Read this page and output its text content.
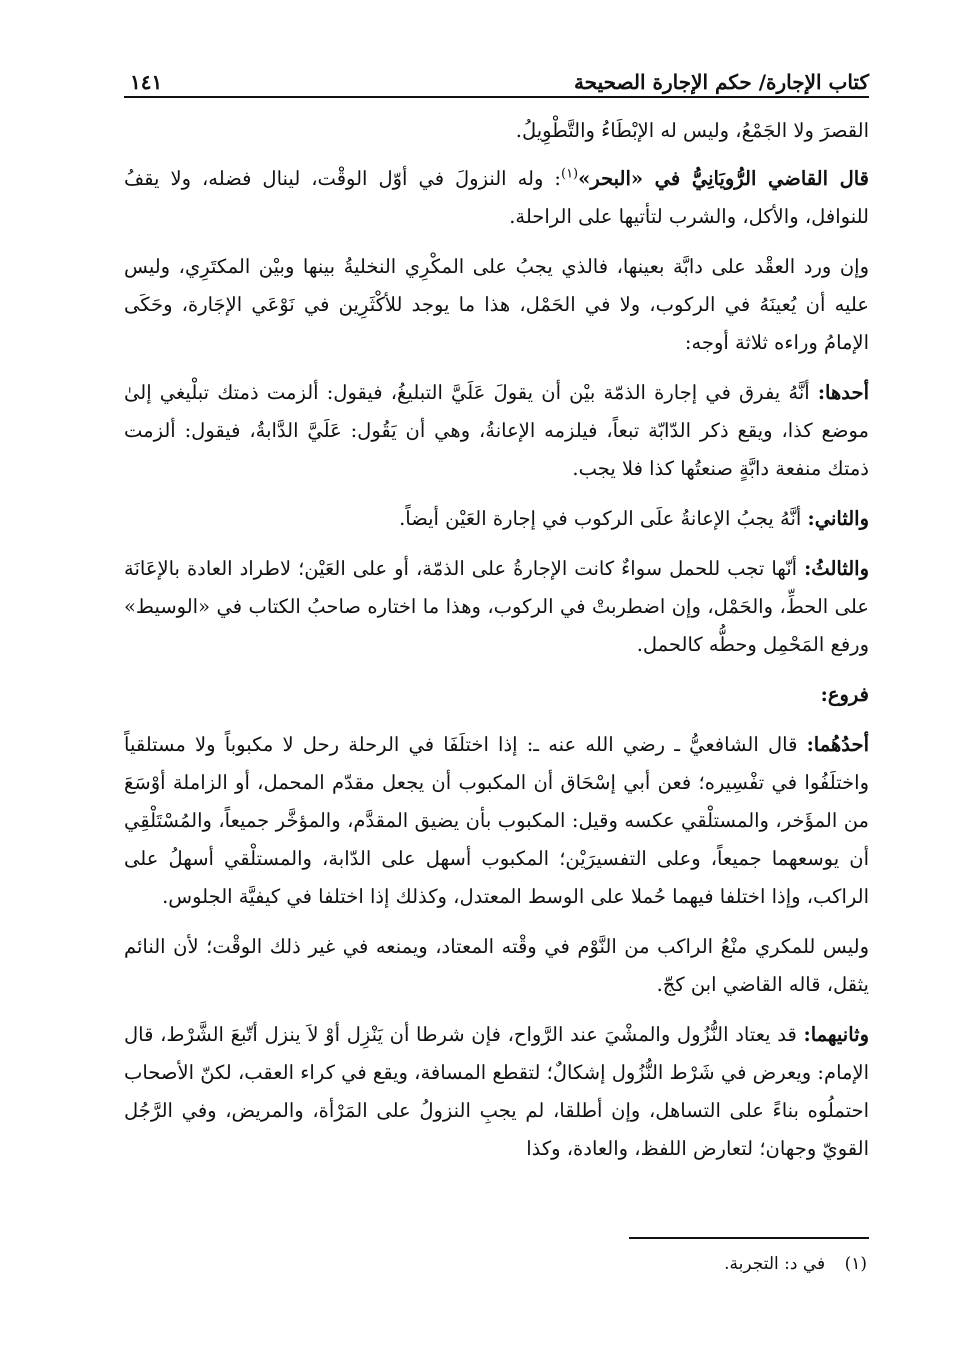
كتاب الإجارة/ حكم الإجارة الصحيحة
١٤١

القصرَ ولا الجَمْعُ، وليس له الإبْطَاءُ والتَّطْوِيلُ.

قال القاضي الرُّويَانِيُّ في «البحر»$^{(١)}$: وله النزولَ في أوّل الوقْت، لينال فضله، ولا يقفُ للنوافل، والأكل، والشرب لتأتيها على الراحلة.

وإن ورد العقْد على دابَّة بعينها، فالذي يجبُ على المكْرِي النخليةُ بينها وبيْن المكتَرِي، وليس عليه أن يُعينَهُ في الركوب، ولا في الحَمْل، هذا ما يوجد للأكْثَرِين في نَوْعَي الإجَارة، وحَكَى الإمامُ وراءه ثلاثة أوجه:

أحدها: أنَّهُ يفرق في إجارة الذمّة بيْن أن يقولَ عَلَيَّ التبليغُ، فيقول: ألزمت ذمتك تبلْيغي إلىٰ موضع كذا، ويقع ذكر الدّابّة تبعاً، فيلزمه الإعانةُ، وهي أن يَقُول: عَلَيَّ الدَّابةُ، فيقول: ألزمت ذمتك منفعة دابَّةٍ صنعتُها كذا فلا يجب.

والثاني: أنَّهُ يجبُ الإعانةُ علَى الركوب في إجارة العَيْن أيضاً.

والثالثُ: أنّها تجب للحمل سواءٌ كانت الإجارةُ على الذمّة، أو على العَيْن؛ لاطراد العادة بالإعَانَة على الحطِّ، والحَمْل، وإن اضطربتْ في الركوب، وهذا ما اختاره صاحبُ الكتاب في «الوسيط» ورفع المَحْمِل وحطُّه كالحمل.

فروع:

أحدُهُما: قال الشافعيُّ ـ رضي الله عنه ـ: إذا اختلَفَا في الرحلة رحل لا مكبوباً ولا مستلقياً واختلَفُوا في تفْسِيره؛ فعن أبي إسْحَاق أن المكبوب أن يجعل مقدّم المحمل، أو الزاملة أوْسَعَ من المؤَخر، والمستلْقي عكسه وقيل: المكبوب بأن يضيق المقدَّم، والمؤخَّر جميعاً، والمُسْتَلْقِي أن يوسعهما جميعاً، وعلى التفسيرَيْن؛ المكبوب أسهل على الدّابة، والمستلْقي أسهلُ على الراكب، وإذا اختلفا فيهما حُملا على الوسط المعتدل، وكذلك إذا اختلفا في كيفيَّة الجلوس.

وليس للمكري منْعُ الراكب من النَّوْم في وقْته المعتاد، ويمنعه في غير ذلك الوقْت؛ لأن النائم يثقل، قاله القاضي ابن كجّ.

وثانيهما: قد يعتاد النُّزُول والمشْيَ عند الرَّواح، فإن شرطا أن يَنْزِل أوْ لاَ ينزل أتّبعَ الشَّرْط، قال الإمام: ويعرض في شَرْط النُّزُول إشكالٌ؛ لتقطع المسافة، ويقع في كراء العقب، لكنّ الأصحاب احتملُوه بناءً على التساهل، وإن أطلقا، لم يجبِ النزولُ على المَرْأة، والمريض، وفي الرَّجُل القويّ وجهان؛ لتعارض اللفظ، والعادة، وكذا

(١) في د: التجربة.
